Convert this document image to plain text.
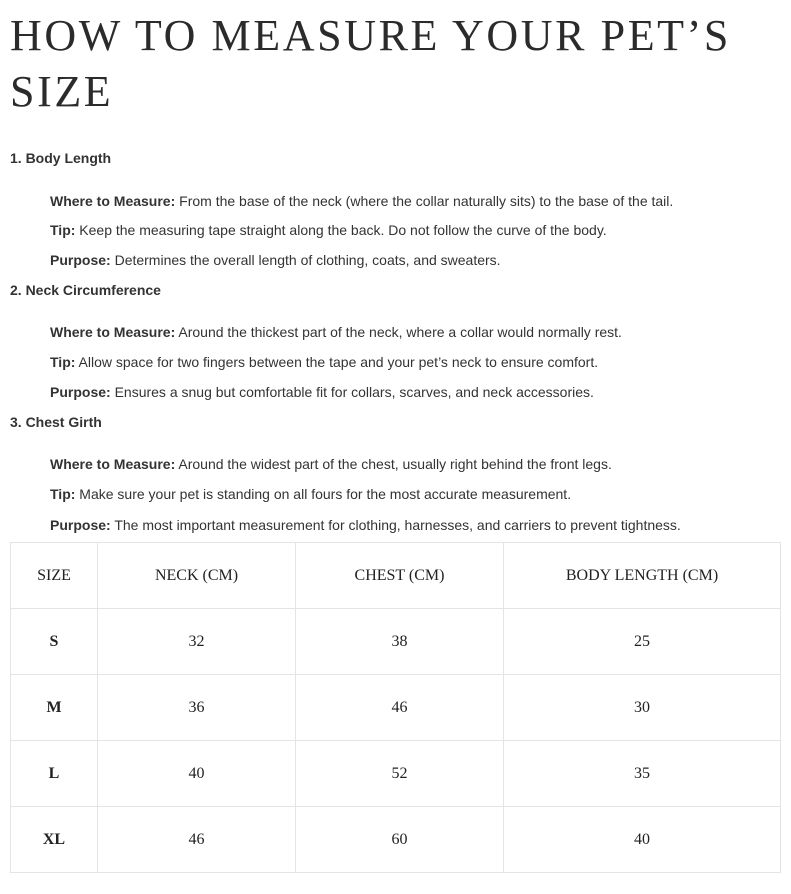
HOW TO MEASURE YOUR PET’S SIZE
1. Body Length

Where to Measure: From the base of the neck (where the collar naturally sits) to the base of the tail.

Tip: Keep the measuring tape straight along the back. Do not follow the curve of the body.

Purpose: Determines the overall length of clothing, coats, and sweaters.

2. Neck Circumference

Where to Measure: Around the thickest part of the neck, where a collar would normally rest.

Tip: Allow space for two fingers between the tape and your pet’s neck to ensure comfort.

Purpose: Ensures a snug but comfortable fit for collars, scarves, and neck accessories.

3. Chest Girth

Where to Measure: Around the widest part of the chest, usually right behind the front legs.

Tip: Make sure your pet is standing on all fours for the most accurate measurement.

Purpose: The most important measurement for clothing, harnesses, and carriers to prevent tightness.

SIZE	NECK (CM)	CHEST (CM)	BODY LENGTH (CM)
S	32	38	25
M	36	46	30
L	40	52	35
XL	46	60	40
